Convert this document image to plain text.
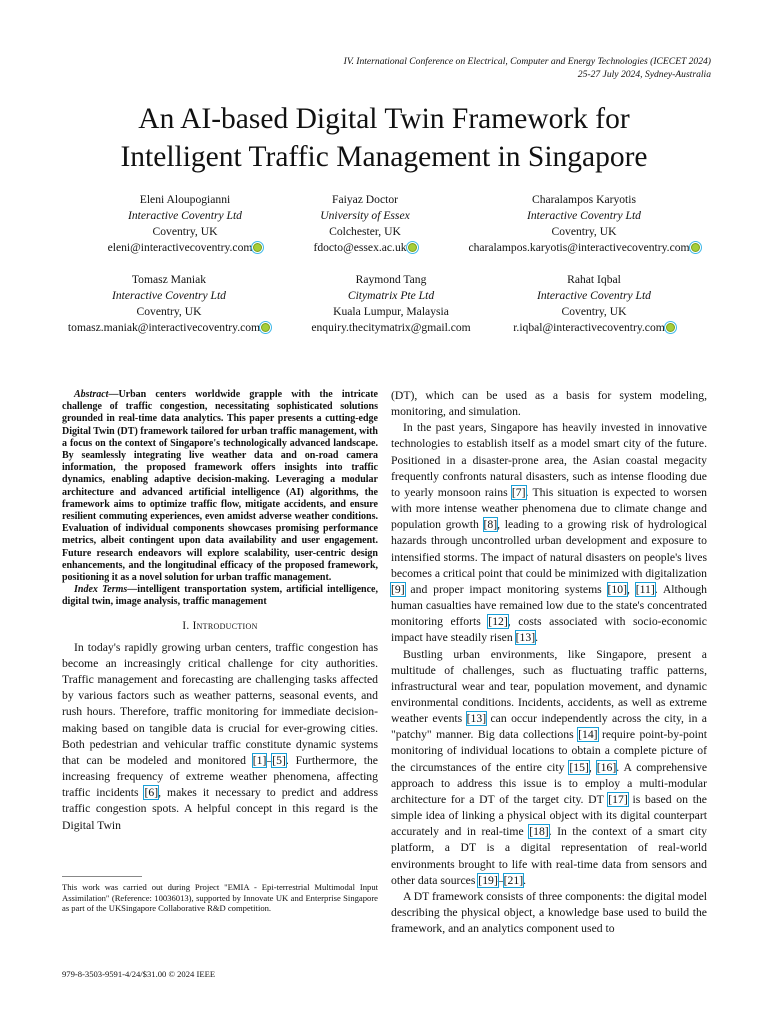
IV. International Conference on Electrical, Computer and Energy Technologies (ICECET 2024)
25-27 July 2024, Sydney-Australia
An AI-based Digital Twin Framework for
Intelligent Traffic Management in Singapore
Eleni Aloupogianni
Interactive Coventry Ltd
Coventry, UK
eleni@interactivecoventry.com
Faiyaz Doctor
University of Essex
Colchester, UK
fdocto@essex.ac.uk
Charalampos Karyotis
Interactive Coventry Ltd
Coventry, UK
charalampos.karyotis@interactivecoventry.com
Tomasz Maniak
Interactive Coventry Ltd
Coventry, UK
tomasz.maniak@interactivecoventry.com
Raymond Tang
Citymatrix Pte Ltd
Kuala Lumpur, Malaysia
enquiry.thecitymatrix@gmail.com
Rahat Iqbal
Interactive Coventry Ltd
Coventry, UK
r.iqbal@interactivecoventry.com

Abstract—Urban centers worldwide grapple with the intricate challenge of traffic congestion, necessitating sophisticated solutions grounded in real-time data analytics. This paper presents a cutting-edge Digital Twin (DT) framework tailored for urban traffic management, with a focus on the context of Singapore's technologically advanced landscape. By seamlessly integrating live weather data and on-road camera information, the proposed framework offers insights into traffic dynamics, enabling adaptive decision-making. Leveraging a modular architecture and advanced artificial intelligence (AI) algorithms, the framework aims to optimize traffic flow, mitigate accidents, and ensure resilient commuting experiences, even amidst adverse weather conditions. Evaluation of individual components showcases promising performance metrics, albeit contingent upon data availability and user engagement. Future research endeavors will explore scalability, user-centric design enhancements, and the longitudinal efficacy of the proposed framework, positioning it as a novel solution for urban traffic management.

Index Terms—intelligent transportation system, artificial intelligence, digital twin, image analysis, traffic management

I. Introduction

In today's rapidly growing urban centers, traffic congestion has become an increasingly critical challenge for city authorities. Traffic management and forecasting are challenging tasks affected by various factors such as weather patterns, seasonal events, and rush hours. Therefore, traffic monitoring for immediate decision-making based on tangible data is crucial for ever-growing cities. Both pedestrian and vehicular traffic constitute dynamic systems that can be modeled and monitored [1]–[5]. Furthermore, the increasing frequency of extreme weather phenomena, affecting traffic incidents [6], makes it necessary to predict and address traffic congestion spots. A helpful concept in this regard is the Digital Twin

This work was carried out during Project "EMIA - Epi-terrestrial Multimodal Input Assimilation" (Reference: 10036013), supported by Innovate UK and Enterprise Singapore as part of the UKSingapore Collaborative R&D competition.
979-8-3503-9591-4/24/$31.00 © 2024 IEEE

(DT), which can be used as a basis for system modeling, monitoring, and simulation.

In the past years, Singapore has heavily invested in innovative technologies to establish itself as a model smart city of the future. Positioned in a disaster-prone area, the Asian coastal megacity frequently confronts natural disasters, such as intense flooding due to yearly monsoon rains [7]. This situation is expected to worsen with more intense weather phenomena due to climate change and population growth [8], leading to a growing risk of hydrological hazards through uncontrolled urban development and exposure to intensified storms. The impact of natural disasters on people's lives becomes a critical point that could be minimized with digitalization [9] and proper impact monitoring systems [10], [11]. Although human casualties have remained low due to the state's concentrated monitoring efforts [12], costs associated with socio-economic impact have steadily risen [13].

Bustling urban environments, like Singapore, present a multitude of challenges, such as fluctuating traffic patterns, infrastructural wear and tear, population movement, and dynamic environmental conditions. Incidents, accidents, as well as extreme weather events [13] can occur independently across the city, in a "patchy" manner. Big data collections [14] require point-by-point monitoring of individual locations to obtain a complete picture of the circumstances of the entire city [15], [16]. A comprehensive approach to address this issue is to employ a multi-modular architecture for a DT of the target city. DT [17] is based on the simple idea of linking a physical object with its digital counterpart accurately and in real-time [18]. In the context of a smart city platform, a DT is a digital representation of real-world environments brought to life with real-time data from sensors and other data sources [19]–[21].

A DT framework consists of three components: the digital model describing the physical object, a knowledge base used to build the framework, and an analytics component used to
